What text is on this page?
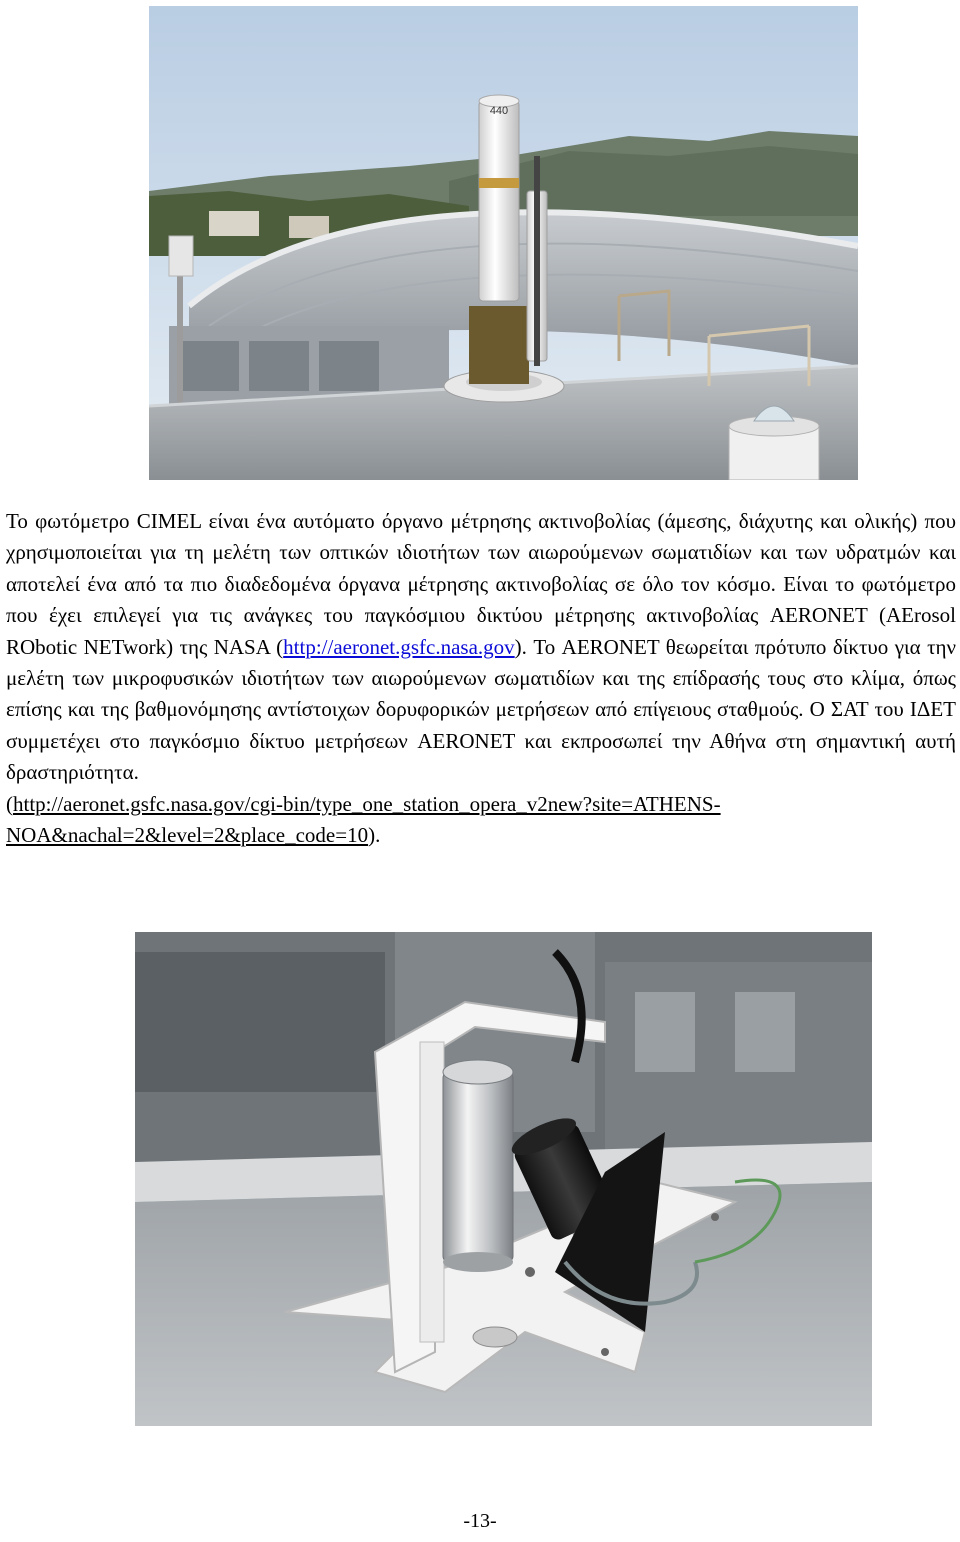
440

Το φωτόμετρο CIMEL είναι ένα αυτόματο όργανο μέτρησης ακτινοβολίας (άμεσης, διάχυτης και ολικής) που χρησιμοποιείται για τη μελέτη των οπτικών ιδιοτήτων των αιωρούμενων σωματιδίων και των υδρατμών και αποτελεί ένα από τα πιο διαδεδομένα όργανα μέτρησης ακτινοβολίας σε όλο τον κόσμο. Είναι το φωτόμετρο που έχει επιλεγεί για τις ανάγκες του παγκόσμιου δικτύου μέτρησης ακτινοβολίας AERONET (AErosol RObotic NETwork) της NASA (http://aeronet.gsfc.nasa.gov). Το AERONET θεωρείται πρότυπο δίκτυο για την μελέτη των μικροφυσικών ιδιοτήτων των αιωρούμενων σωματιδίων και της επίδρασής τους στο κλίμα, όπως επίσης και της βαθμονόμησης αντίστοιχων δορυφορικών μετρήσεων από επίγειους σταθμούς. Ο ΣΑΤ του ΙΔΕΤ συμμετέχει στο παγκόσμιο δίκτυο μετρήσεων AERONET και εκπροσωπεί την Αθήνα στη σημαντική αυτή δραστηριότητα.

(http://aeronet.gsfc.nasa.gov/cgi-bin/type_one_station_opera_v2new?site=ATHENS-NOA&nachal=2&level=2&place_code=10).

-13-
